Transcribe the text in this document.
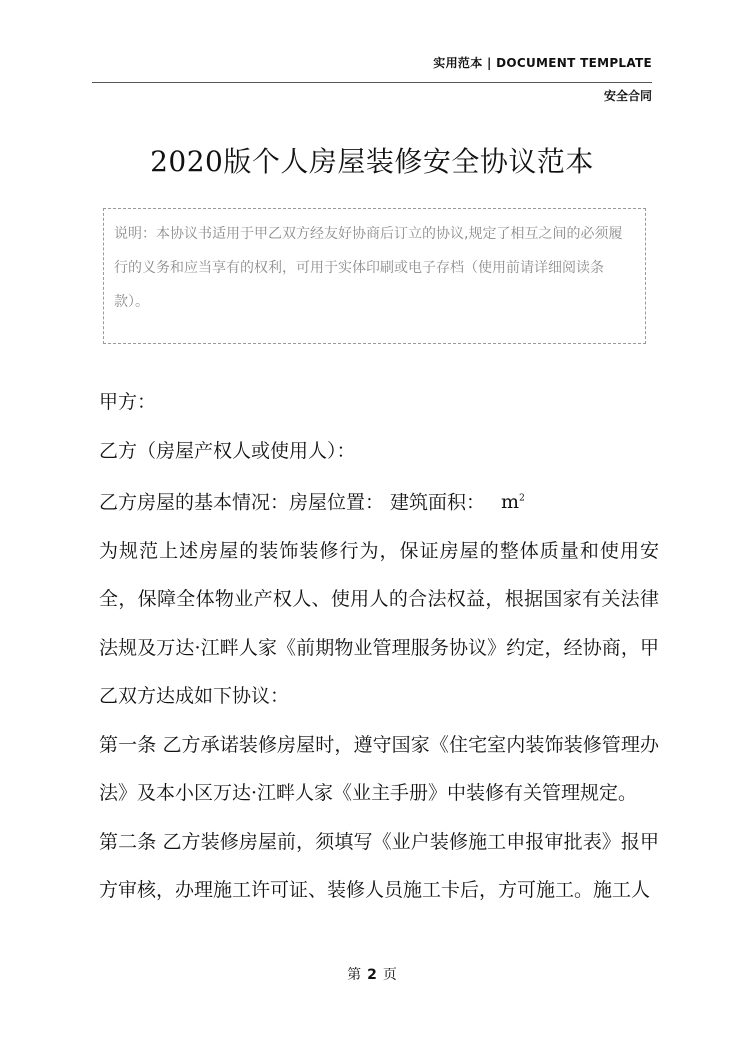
实用范本 | DOCUMENT TEMPLATE
安全合同
2020版个人房屋装修安全协议范本
说明：本协议书适用于甲乙双方经友好协商后订立的协议,规定了相互之间的必须履行的义务和应当享有的权利，可用于实体印刷或电子存档（使用前请详细阅读条款）。

甲方：

乙方（房屋产权人或使用人）：

乙方房屋的基本情况：房屋位置： 建筑面积： $m^2$

为规范上述房屋的装饰装修行为，保证房屋的整体质量和使用安全，保障全体物业产权人、使用人的合法权益，根据国家有关法律法规及万达·江畔人家《前期物业管理服务协议》约定，经协商，甲乙双方达成如下协议：

第一条 乙方承诺装修房屋时，遵守国家《住宅室内装饰装修管理办法》及本小区万达·江畔人家《业主手册》中装修有关管理规定。

第二条 乙方装修房屋前，须填写《业户装修施工申报审批表》报甲方审核，办理施工许可证、装修人员施工卡后，方可施工。施工人

第 2 页
